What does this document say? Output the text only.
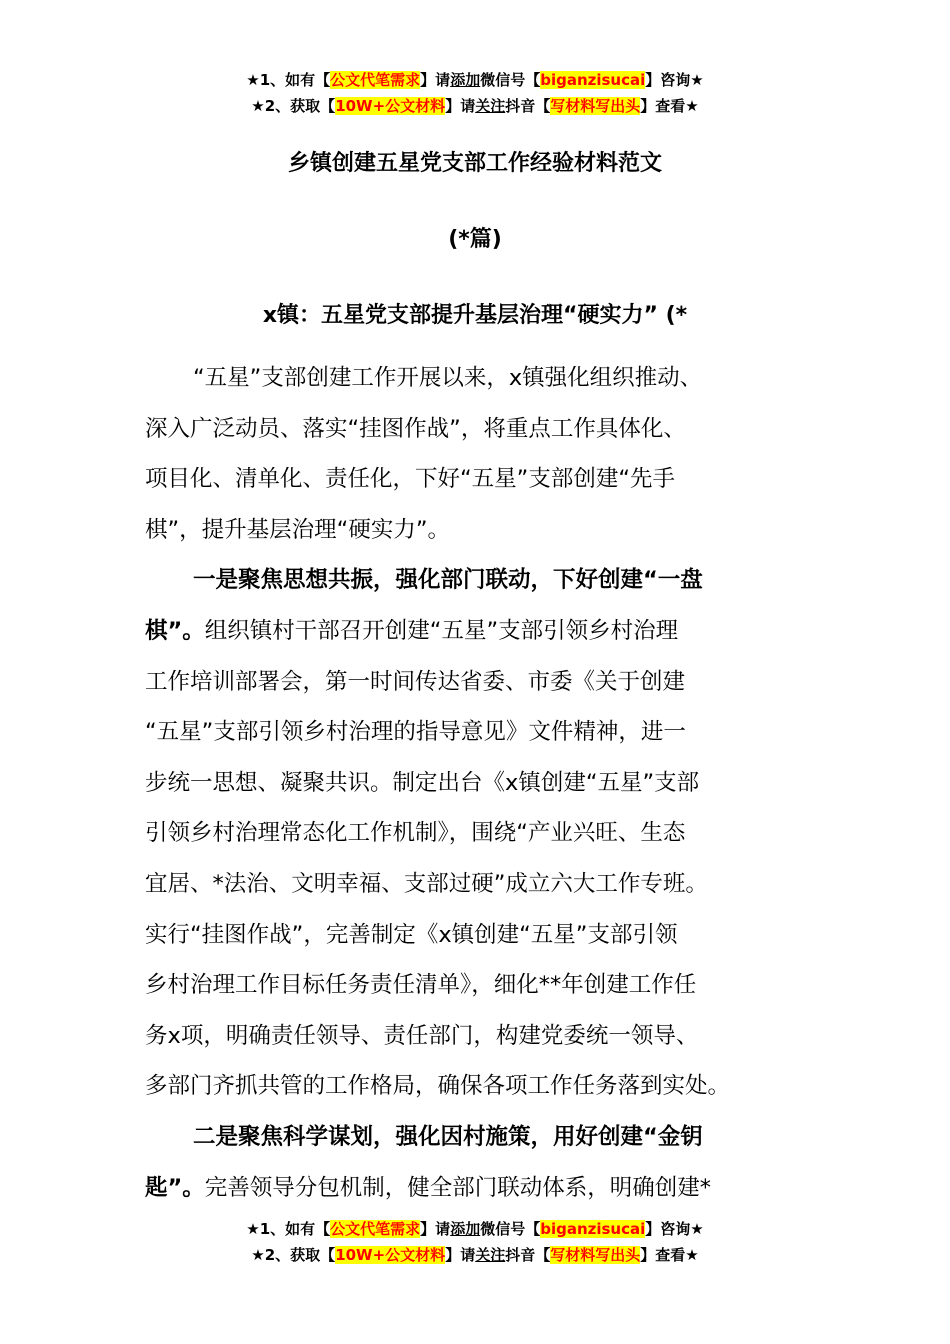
★1、如有【公文代笔需求】请添加微信号【biganzisucai】咨询★
★2、获取【10W+公文材料】请关注抖音【写材料写出头】查看★
乡镇创建五星党支部工作经验材料范文
(*篇)
x镇：五星党支部提升基层治理“硬实力” (*
“五星”支部创建工作开展以来，x镇强化组织推动、
深入广泛动员、落实“挂图作战”，将重点工作具体化、
项目化、清单化、责任化，下好“五星”支部创建“先手
棋”，提升基层治理“硬实力”。
一是聚焦思想共振，强化部门联动，下好创建“一盘
棋”。组织镇村干部召开创建“五星”支部引领乡村治理
工作培训部署会，第一时间传达省委、市委《关于创建
“五星”支部引领乡村治理的指导意见》文件精神，进一
步统一思想、凝聚共识。制定出台《x镇创建“五星”支部
引领乡村治理常态化工作机制》，围绕“产业兴旺、生态
宜居、*法治、文明幸福、支部过硬”成立六大工作专班。
实行“挂图作战”，完善制定《x镇创建“五星”支部引领
乡村治理工作目标任务责任清单》，细化**年创建工作任
务x项，明确责任领导、责任部门，构建党委统一领导、
多部门齐抓共管的工作格局，确保各项工作任务落到实处。
二是聚焦科学谋划，强化因村施策，用好创建“金钥
匙”。完善领导分包机制，健全部门联动体系，明确创建*
★1、如有【公文代笔需求】请添加微信号【biganzisucai】咨询★
★2、获取【10W+公文材料】请关注抖音【写材料写出头】查看★
